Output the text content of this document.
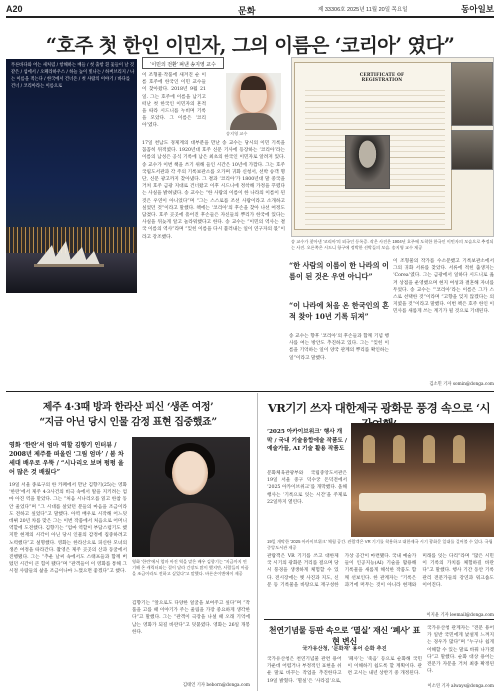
A20	문화	제 33306호 2025년 11월 20일 목요일	동아일보
“호주 첫 한인 이민자, 그의 이름은 ‘코리아’ 였다”
푸른바다와 어는 새처럼 / 항해하는 배들 / 첫 출항 흰 돛들이 날 것 같은 / 섬에서 / 오페라하우스 / 하늘 높이 빛나는 / 하버브리지 / 나는 이름을 적는다 / 한국에서 건너온 / 첫 사람의 이야기 / 바다를 건너 / 코리아라는 이름으로
‘이민의 전환’ 펴낸 송지영 교수

이 조형물·작품에 새겨진 순 이름 호주에 한국인 이민 교수들이 찾아왔다. 2018년 9월 21일. 그는 호주에 이름을 남기고 떠난 첫 한국인 이민자의 흔적을 따라 시드니를 누비며 기록을 모았다. 그 이름은 ‘코리아’였다.

송지영 교수

17일 천남도 경제계의 대부분을 만난 송 교수는 당시의 이민 기록을 꼼꼼히 뒤적였다. 1920년대 호주 신문 기사에 등장하는 ‘코리아’라는 이름의 남성은 공식 기록에 남은 최초의 한국인 이민자로 알려져 있다. 송 교수가 이번 책을 쓰기 위해 들인 시간은 10년에 가깝다. 그는 호주 국립도서관과 각 주의 기록보관소를 오가며 귀화 신청서, 선박 승객 명단, 신문 광고까지 찾아냈다. 그 결과 ‘코리아’가 1800년대 말 중국을 거쳐 호주 금광 지대로 건너왔고 이후 시드니에 정착해 가정을 꾸렸다는 사실을 밝혀냈다. 송 교수는 “한 사람의 이름이 한 나라의 이름이 된 것은 우연이 아니었다”며 “그는 스스로를 조선 사람이라고 소개하고 싶었던 것”이라고 말했다. 책에는 ‘코리아’의 후손을 찾아 나선 여정도 담겼다. 호주 곳곳에 흩어진 후손들은 자신들의 뿌리가 한국에 있다는 사실을 뒤늦게 알고 놀라워했다고 한다. 송 교수는 “이민의 역사는 결국 이름의 역사”라며 “잊힌 이름을 다시 불러내는 일이 연구자의 몫”이라고 강조했다.

CERTIFICATE OF REGISTRATION
송 교수가 찾아낸 ‘코리아’의 외국인 등록증. 작은 사진은 1904년 호주에 도착한 한국인 이민자의 모습으로 추정되는 사진. 오른쪽은 시드니 항구에 정박한 선박들의 모습. 송지영 교수 제공
“한 사람의 이름이 한 나라의 이름이 된 것은 우연 아니다”
“이 나라에 처음 온 한국인의 흔적 찾아 10년 기록 뒤져”

이 조형물의 작가를 수소문했고 기록보관소에서 그의 귀화 서류를 찾았다. 서류에 적힌 출생지는 ‘Corea’였다. 그는 금광에서 일하다 시드니로 옮겨 상점을 운영했으며 현지 여성과 결혼해 자녀를 두었다. 송 교수는 “‘코리아’라는 이름은 그가 스스로 선택한 것”이라며 “고향을 잊지 않겠다는 의지였을 것”이라고 말했다. 이번 책은 호주 한인 이민사를 새롭게 쓰는 계기가 될 것으로 기대된다.

송 교수는 향후 ‘코리아’의 후손들과 함께 기념 행사를 여는 방안도 추진하고 있다. 그는 “잊힌 이름을 기억하는 일이 양국 관계의 뿌리를 확인하는 일”이라고 말했다.

김소민 기자 somin@donga.com
제주 4·3때 방과 한라산 피신 ‘생존 여정’
“지금 아닌 당시 인물 감정 표현 집중했죠”
영화 ‘한란’서 엄마 역할 김향기 인터뷰 / 2008년 제주를 떠올린 ‘그림 엄마’ / 봄 차세대 배우로 우뚝 / “시나리오 보며 펑펑 울어 많은 것 배웠다”

19일 서울 종로구의 한 카페에서 만난 김향기(25)는 영화 ‘한란’에서 제주 4·3사건의 비극 속에서 딸을 지키려는 엄마 아진 역을 맡았다. 그는 “처음 시나리오를 읽고 한참 동안 울었다”며 “그 시대를 살았던 분들의 마음을 조금이라도 전하고 싶었다”고 말했다. 아역 배우로 시작해 어느덧 데뷔 20년 차를 맞은 그는 이번 작품에서 처음으로 어머니 역할에 도전했다. 김향기는 “엄마 역할이 부담스럽기도 했지만 현재의 시각이 아닌 당시 인물의 감정에 집중하려고 노력했다”고 설명했다. 영화는 한라산으로 피신한 모녀의 생존 여정을 따라간다. 촬영은 제주 곳곳의 산과 동굴에서 진행됐다. 그는 “추운 날씨 속에서도 스태프들과 함께 버텼던 시간이 큰 힘이 됐다”며 “관객들이 이 영화를 통해 그 시절 사람들의 삶을 조금이나마 느꼈으면 좋겠다”고 했다.

영화 ‘한란’에서 엄마 아진 역을 맡은 배우 김향기는 “지금까지 연기해 온 캐릭터와는 결이 달라 긴장도 많이 했지만, 사람들의 아픔을 조금이라도 전하고 싶었다”고 말했다. 바른손이앤에이 제공

김향기는 “앞으로도 다양한 얼굴을 보여주고 싶다”며 “작품을 고를 때 이야기가 주는 울림을 가장 중요하게 생각한다”고 말했다. 그는 “관객이 극장을 나설 때 오래 기억에 남는 영화가 되길 바란다”고 덧붙였다. 영화는 26일 개봉한다.

김태언 기자 beborn@donga.com
VR기기 쓰자 대한제국 광화문 풍경 속으로 ‘시
‘2025 아카이브위크’ 행사 개막 / 국내 기술융합에술 작품도 / 예술가들, AI 기술 활용 작품도

문화체육관광부와 국립중앙도서관은 19일 서울 중구 덕수궁 돈덕전에서 ‘2025 아카이브위크’를 개막했다. 올해 행사는 ‘기록으로 잇는 시간’을 주제로 22일까지 열린다.

19일 개막한 ‘2025 아카이브위크’ 체험 공간. 관람객은 VR 기기를 착용하고 대한제국 시기 광화문 일대를 걸어볼 수 있다. 국립중앙도서관 제공

관람객은 VR 기기를 쓰고 대한제국 시기의 광화문 거리를 걸으며 당시 풍경을 생생하게 체험할 수 있다. 전시장에는 옛 사진과 지도, 신문 등 기록물을 바탕으로 재구성한 가상 공간이 마련됐다. 국내 예술가들이 인공지능(AI) 기술을 활용해 기록물을 새롭게 해석한 작품도 함께 선보인다. 한 관계자는 “기록은 과거에 머무는 것이 아니라 현재와 미래를 잇는 다리”라며 “많은 시민이 기록의 가치를 체험하길 바란다”고 말했다. 행사 기간 동안 기록 관리 전문가들의 강연과 워크숍도 이어진다.

이지윤 기자 leemail@donga.com
천연기념물 등판 속으로 ‘멸실’ 재신 ‘폐사’ 표현 변신
국가유산청, ‘문화재’ 용어 순화 추진

국가유산청은 천연기념물 관련 용어 가운데 어렵거나 부정적인 표현을 쉬운 말로 바꾸는 작업을 추진한다고 19일 밝혔다. ‘멸실’은 ‘사라짐’으로, ‘폐사’는 ‘죽음’ 등으로 순화해 국민이 이해하기 쉽도록 할 계획이다. 관련 고시는 내년 상반기 중 개정된다.

국가유산청 관계자는 “전문 용어가 일반 국민에게 낯설게 느껴지는 경우가 많다”며 “누구나 쉽게 이해할 수 있는 말로 바꿔 나가겠다”고 말했다. 순화 대상 용어는 전문가 자문을 거쳐 최종 확정된다.

이소연 기자 always@donga.com
